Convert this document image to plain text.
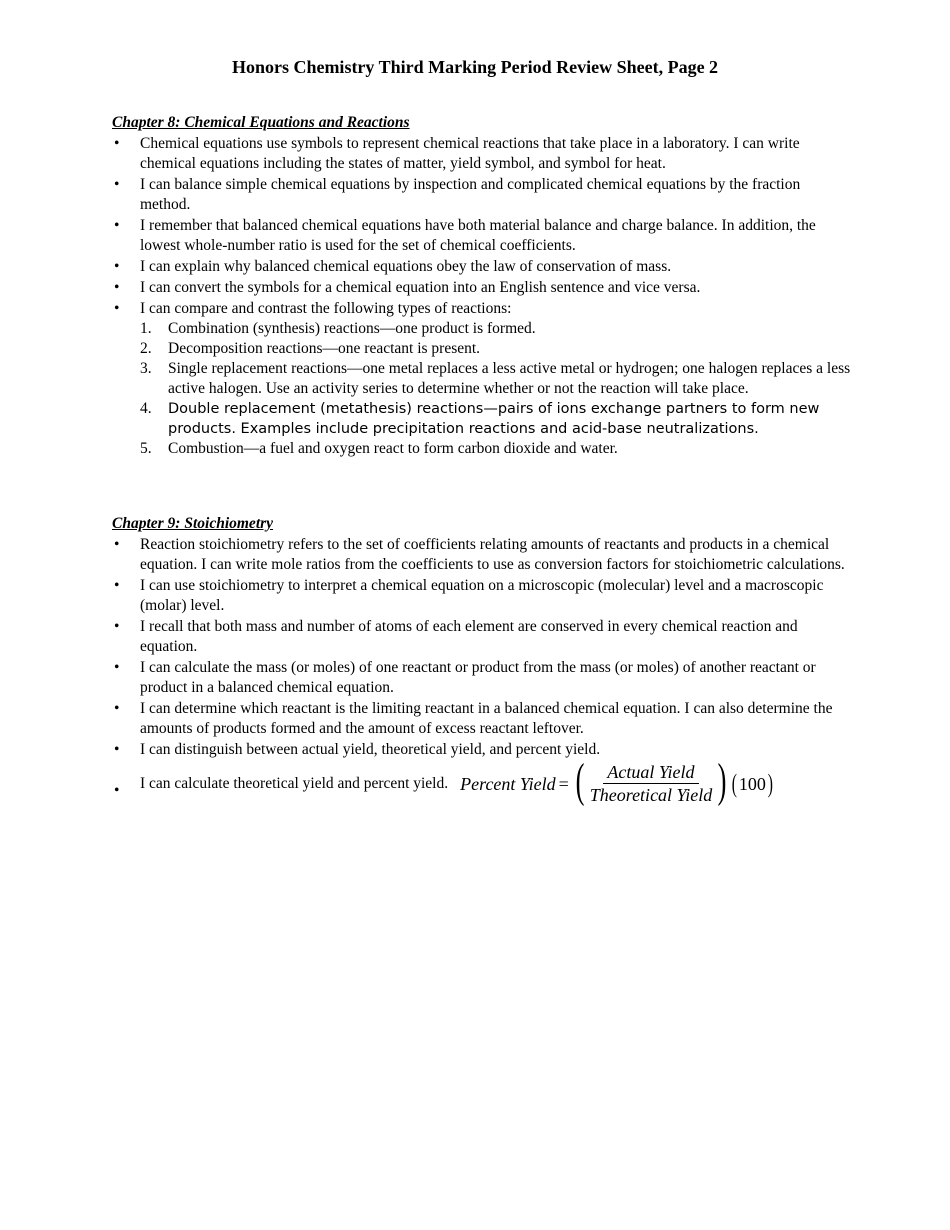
Honors Chemistry Third Marking Period Review Sheet, Page 2
Chapter 8: Chemical Equations and Reactions
• Chemical equations use symbols to represent chemical reactions that take place in a laboratory. I can write chemical equations including the states of matter, yield symbol, and symbol for heat.
• I can balance simple chemical equations by inspection and complicated chemical equations by the fraction method.
• I remember that balanced chemical equations have both material balance and charge balance. In addition, the lowest whole-number ratio is used for the set of chemical coefficients.
• I can explain why balanced chemical equations obey the law of conservation of mass.
• I can convert the symbols for a chemical equation into an English sentence and vice versa.
• I can compare and contrast the following types of reactions:
1. Combination (synthesis) reactions—one product is formed.
2. Decomposition reactions—one reactant is present.
3. Single replacement reactions—one metal replaces a less active metal or hydrogen; one halogen replaces a less active halogen. Use an activity series to determine whether or not the reaction will take place.
4. Double replacement (metathesis) reactions—pairs of ions exchange partners to form new products. Examples include precipitation reactions and acid-base neutralizations.
5. Combustion—a fuel and oxygen react to form carbon dioxide and water.
Chapter 9: Stoichiometry
• Reaction stoichiometry refers to the set of coefficients relating amounts of reactants and products in a chemical equation. I can write mole ratios from the coefficients to use as conversion factors for stoichiometric calculations.
• I can use stoichiometry to interpret a chemical equation on a microscopic (molecular) level and a macroscopic (molar) level.
• I recall that both mass and number of atoms of each element are conserved in every chemical reaction and equation.
• I can calculate the mass (or moles) of one reactant or product from the mass (or moles) of another reactant or product in a balanced chemical equation.
• I can determine which reactant is the limiting reactant in a balanced chemical equation. I can also determine the amounts of products formed and the amount of excess reactant leftover.
• I can distinguish between actual yield, theoretical yield, and percent yield.
• I can calculate theoretical yield and percent yield. Percent Yield = ( $\frac{\text{Actual Yield}}{\text{Theoretical Yield}}$ ) ( 100 )
